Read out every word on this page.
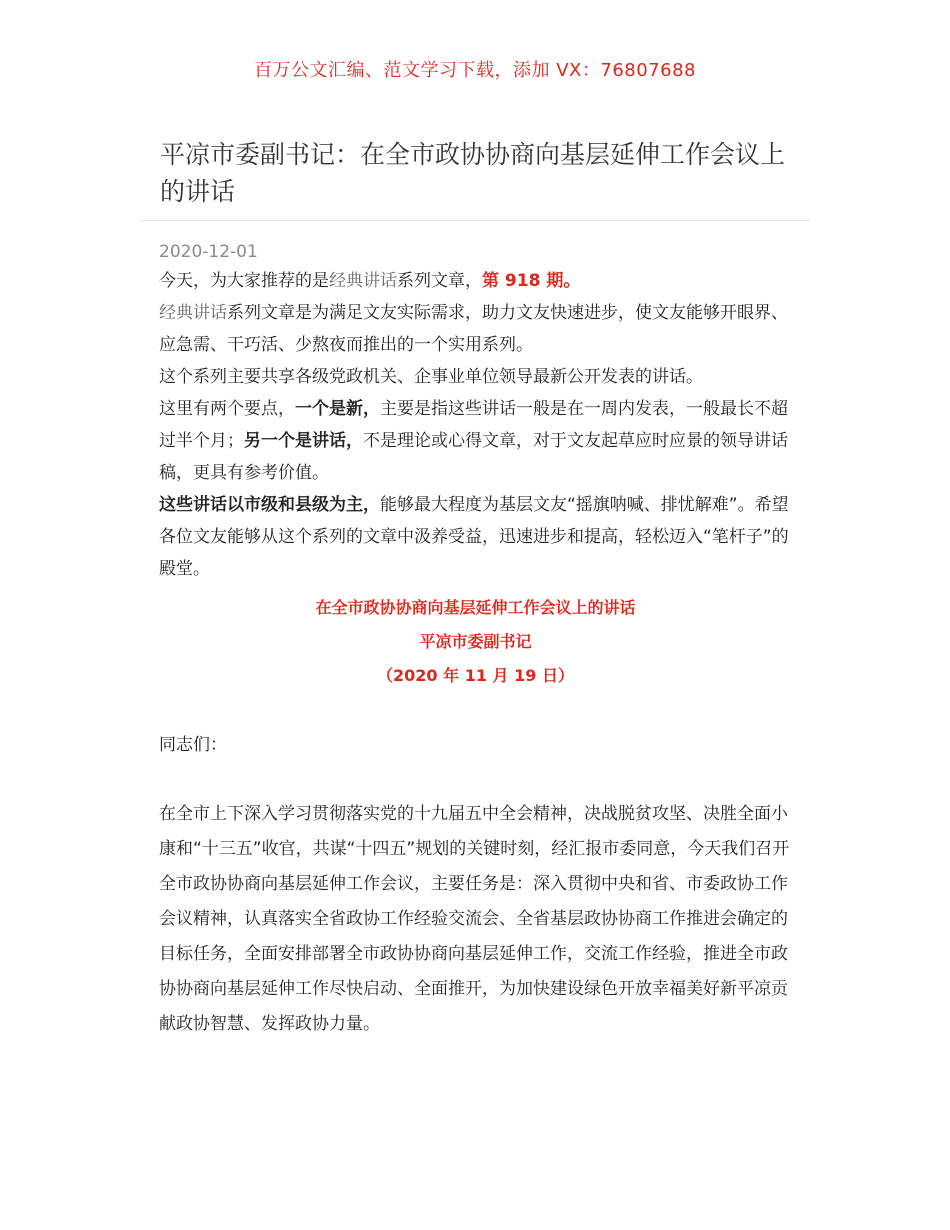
百万公文汇编、范文学习下载，添加 VX：76807688
平凉市委副书记：在全市政协协商向基层延伸工作会议上的讲话
2020-12-01

今天，为大家推荐的是经典讲话系列文章，第 918 期。

经典讲话系列文章是为满足文友实际需求，助力文友快速进步，使文友能够开眼界、应急需、干巧活、少熬夜而推出的一个实用系列。

这个系列主要共享各级党政机关、企事业单位领导最新公开发表的讲话。

这里有两个要点，一个是新，主要是指这些讲话一般是在一周内发表，一般最长不超过半个月；另一个是讲话，不是理论或心得文章，对于文友起草应时应景的领导讲话稿，更具有参考价值。

这些讲话以市级和县级为主，能够最大程度为基层文友“摇旗呐喊、排忧解难”。希望各位文友能够从这个系列的文章中汲养受益，迅速进步和提高，轻松迈入“笔杆子”的殿堂。

在全市政协协商向基层延伸工作会议上的讲话

平凉市委副书记

（2020 年 11 月 19 日）

同志们：

在全市上下深入学习贯彻落实党的十九届五中全会精神，决战脱贫攻坚、决胜全面小康和“十三五”收官，共谋“十四五”规划的关键时刻，经汇报市委同意，今天我们召开全市政协协商向基层延伸工作会议，主要任务是：深入贯彻中央和省、市委政协工作会议精神，认真落实全省政协工作经验交流会、全省基层政协协商工作推进会确定的目标任务，全面安排部署全市政协协商向基层延伸工作，交流工作经验，推进全市政协协商向基层延伸工作尽快启动、全面推开，为加快建设绿色开放幸福美好新平凉贡献政协智慧、发挥政协力量。
